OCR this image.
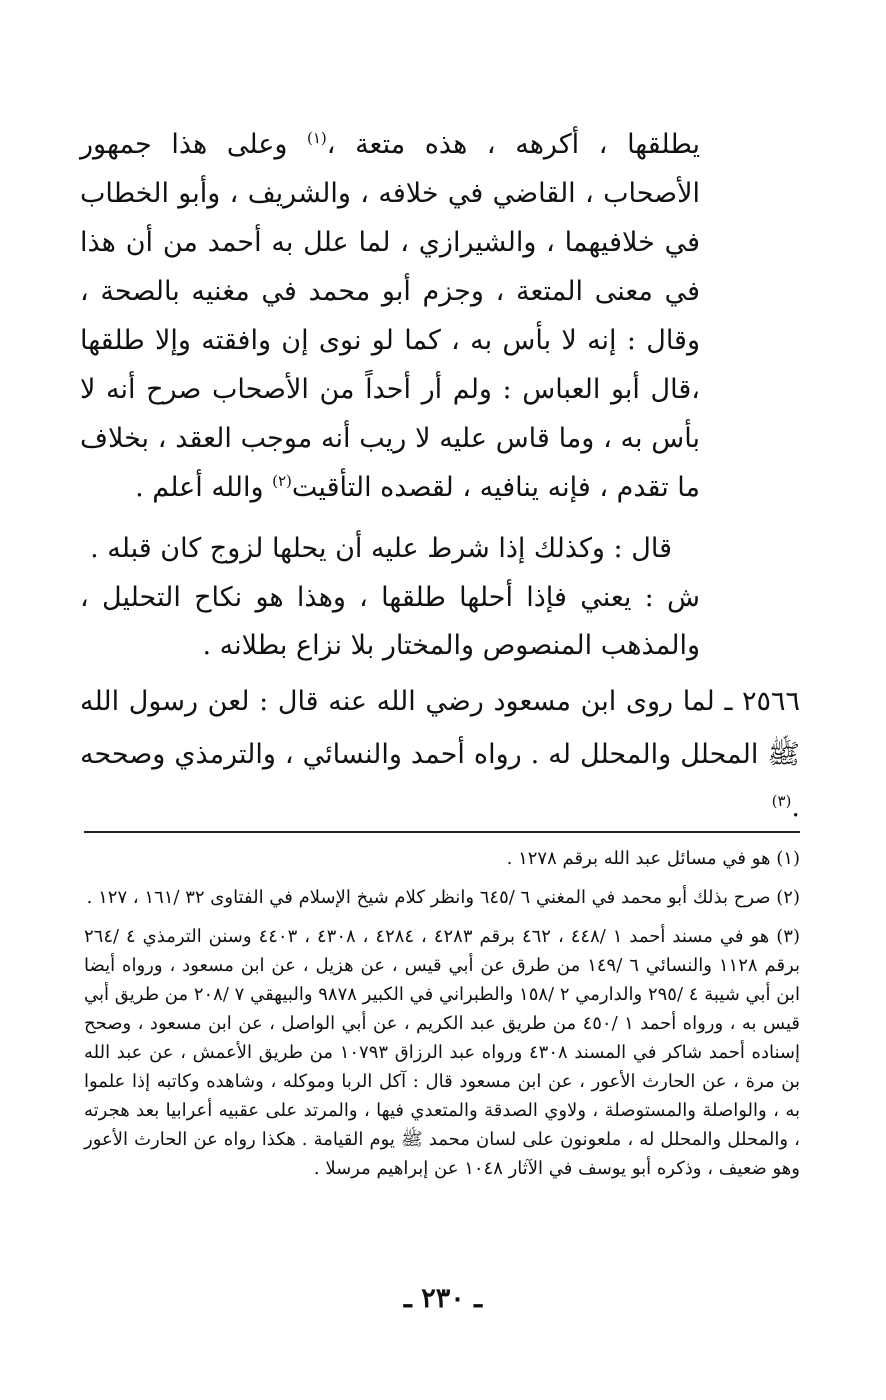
يطلقها ، أكرهه ، هذه متعة ،$^{(١)}$ وعلى هذا جمهور الأصحاب ، القاضي في خلافه ، والشريف ، وأبو الخطاب في خلافيهما ، والشيرازي ، لما علل به أحمد من أن هذا في معنى المتعة ، وجزم أبو محمد في مغنيه بالصحة ، وقال : إنه لا بأس به ، كما لو نوى إن وافقته وإلا طلقها ،قال أبو العباس : ولم أر أحداً من الأصحاب صرح أنه لا بأس به ، وما قاس عليه لا ريب أنه موجب العقد ، بخلاف ما تقدم ، فإنه ينافيه ، لقصده التأقيت$^{(٢)}$ والله أعلم .

قال : وكذلك إذا شرط عليه أن يحلها لزوج كان قبله .

ش : يعني فإذا أحلها طلقها ، وهذا هو نكاح التحليل ، والمذهب المنصوص والمختار بلا نزاع بطلانه .

٢٥٦٦ ـ لما روى ابن مسعود رضي الله عنه قال : لعن رسول الله ﷺ المحلل والمحلل له . رواه أحمد والنسائي ، والترمذي وصححه .$^{(٣)}$

(١) هو في مسائل عبد الله برقم ١٢٧٨ .

(٢) صرح بذلك أبو محمد في المغني ٦ /٦٤٥ وانظر كلام شيخ الإسلام في الفتاوى ٣٢ /١٦١ ، ١٢٧ .

(٣) هو في مسند أحمد ١ /٤٤٨ ، ٤٦٢ برقم ٤٢٨٣ ، ٤٢٨٤ ، ٤٣٠٨ ، ٤٤٠٣ وسنن الترمذي ٤ /٢٦٤ برقم ١١٢٨ والنسائي ٦ /١٤٩ من طرق عن أبي قيس ، عن هزيل ، عن ابن مسعود ، ورواه أيضا ابن أبي شيبة ٤ /٢٩٥ والدارمي ٢ /١٥٨ والطبراني في الكبير ٩٨٧٨ والبيهقي ٧ /٢٠٨ من طريق أبي قيس به ، ورواه أحمد ١ /٤٥٠ من طريق عبد الكريم ، عن أبي الواصل ، عن ابن مسعود ، وصحح إسناده أحمد شاكر في المسند ٤٣٠٨ ورواه عبد الرزاق ١٠٧٩٣ من طريق الأعمش ، عن عبد الله بن مرة ، عن الحارث الأعور ، عن ابن مسعود قال : آكل الربا وموكله ، وشاهده وكاتبه إذا علموا به ، والواصلة والمستوصلة ، ولاوي الصدقة والمتعدي فيها ، والمرتد على عقبيه أعرابيا بعد هجرته ، والمحلل والمحلل له ، ملعونون على لسان محمد ﷺ يوم القيامة . هكذا رواه عن الحارث الأعور وهو ضعيف ، وذكره أبو يوسف في الآثار ١٠٤٨ عن إبراهيم مرسلا .

ـ ٢٣٠ ـ
